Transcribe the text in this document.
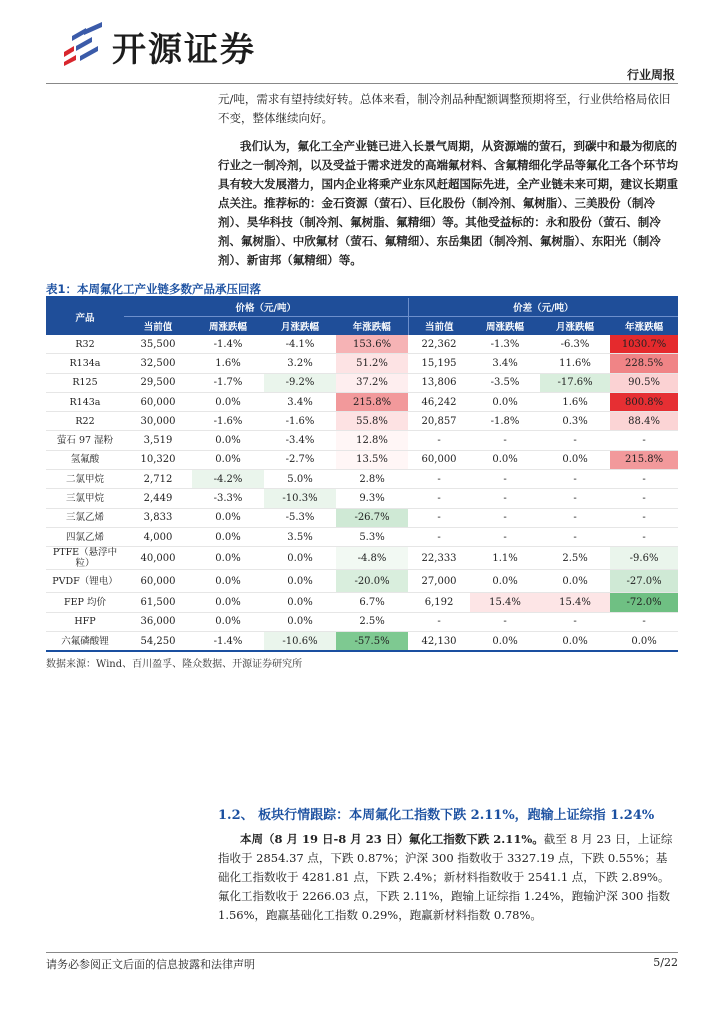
开源证券
行业周报

元/吨，需求有望持续好转。总体来看，制冷剂品种配额调整预期将至，行业供给格局依旧不变，整体继续向好。

我们认为，氟化工全产业链已进入长景气周期，从资源端的萤石，到碳中和最为彻底的行业之一制冷剂，以及受益于需求迸发的高端氟材料、含氟精细化学品等氟化工各个环节均具有较大发展潜力，国内企业将乘产业东风赶超国际先进，全产业链未来可期，建议长期重点关注。推荐标的：金石资源（萤石）、巨化股份（制冷剂、氟树脂）、三美股份（制冷剂）、昊华科技（制冷剂、氟树脂、氟精细）等。其他受益标的：永和股份（萤石、制冷剂、氟树脂）、中欣氟材（萤石、氟精细）、东岳集团（制冷剂、氟树脂）、东阳光（制冷剂）、新宙邦（氟精细）等。

表1：本周氟化工产业链多数产品承压回落
产品	价格（元/吨）				价差（元/吨）			
	当前值	周涨跌幅	月涨跌幅	年涨跌幅	当前值	周涨跌幅	月涨跌幅	年涨跌幅
R32	35,500	-1.4%	-4.1%	153.6%	22,362	-1.3%	-6.3%	1030.7%
R134a	32,500	1.6%	3.2%	51.2%	15,195	3.4%	11.6%	228.5%
R125	29,500	-1.7%	-9.2%	37.2%	13,806	-3.5%	-17.6%	90.5%
R143a	60,000	0.0%	3.4%	215.8%	46,242	0.0%	1.6%	800.8%
R22	30,000	-1.6%	-1.6%	55.8%	20,857	-1.8%	0.3%	88.4%
萤石 97 湿粉	3,519	0.0%	-3.4%	12.8%	-	-	-	-
氢氟酸	10,320	0.0%	-2.7%	13.5%	60,000	0.0%	0.0%	215.8%
二氯甲烷	2,712	-4.2%	5.0%	2.8%	-	-	-	-
三氯甲烷	2,449	-3.3%	-10.3%	9.3%	-	-	-	-
三氯乙烯	3,833	0.0%	-5.3%	-26.7%	-	-	-	-
四氯乙烯	4,000	0.0%	3.5%	5.3%	-	-	-	-
PTFE（悬浮中粒）	40,000	0.0%	0.0%	-4.8%	22,333	1.1%	2.5%	-9.6%
PVDF（锂电）	60,000	0.0%	0.0%	-20.0%	27,000	0.0%	0.0%	-27.0%
FEP 均价	61,500	0.0%	0.0%	6.7%	6,192	15.4%	15.4%	-72.0%
HFP	36,000	0.0%	0.0%	2.5%	-	-	-	-
六氟磷酸锂	54,250	-1.4%	-10.6%	-57.5%	42,130	0.0%	0.0%	0.0%
数据来源：Wind、百川盈孚、隆众数据、开源证券研究所
1.2、 板块行情跟踪：本周氟化工指数下跌 2.11%，跑输上证综指 1.24%

本周（8 月 19 日-8 月 23 日）氟化工指数下跌 2.11%。截至 8 月 23 日，上证综指收于 2854.37 点，下跌 0.87%；沪深 300 指数收于 3327.19 点，下跌 0.55%；基础化工指数收于 4281.81 点，下跌 2.4%；新材料指数收于 2541.1 点，下跌 2.89%。氟化工指数收于 2266.03 点，下跌 2.11%，跑输上证综指 1.24%，跑输沪深 300 指数 1.56%，跑赢基础化工指数 0.29%，跑赢新材料指数 0.78%。

请务必参阅正文后面的信息披露和法律声明	5/22
